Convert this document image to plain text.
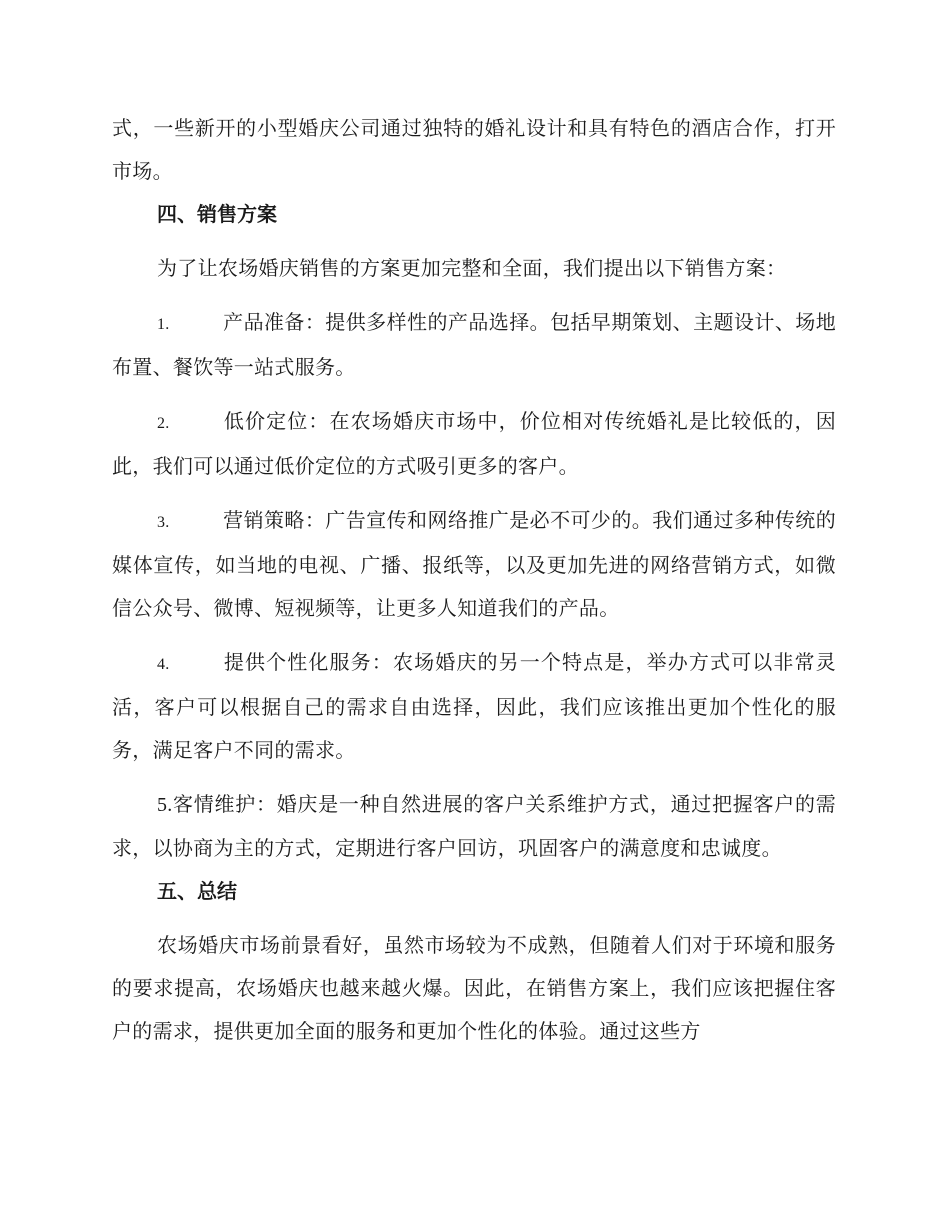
式，一些新开的小型婚庆公司通过独特的婚礼设计和具有特色的酒店合作，打开市场。

四、销售方案

为了让农场婚庆销售的方案更加完整和全面，我们提出以下销售方案：

1.	产品准备：提供多样性的产品选择。包括早期策划、主题设计、场地布置、餐饮等一站式服务。

2.	低价定位：在农场婚庆市场中，价位相对传统婚礼是比较低的，因此，我们可以通过低价定位的方式吸引更多的客户。

3.	营销策略：广告宣传和网络推广是必不可少的。我们通过多种传统的媒体宣传，如当地的电视、广播、报纸等，以及更加先进的网络营销方式，如微信公众号、微博、短视频等，让更多人知道我们的产品。

4.	提供个性化服务：农场婚庆的另一个特点是，举办方式可以非常灵活，客户可以根据自己的需求自由选择，因此，我们应该推出更加个性化的服务，满足客户不同的需求。

5.客情维护：婚庆是一种自然进展的客户关系维护方式，通过把握客户的需求，以协商为主的方式，定期进行客户回访，巩固客户的满意度和忠诚度。

五、总结

农场婚庆市场前景看好，虽然市场较为不成熟，但随着人们对于环境和服务的要求提高，农场婚庆也越来越火爆。因此，在销售方案上，我们应该把握住客户的需求，提供更加全面的服务和更加个性化的体验。通过这些方
